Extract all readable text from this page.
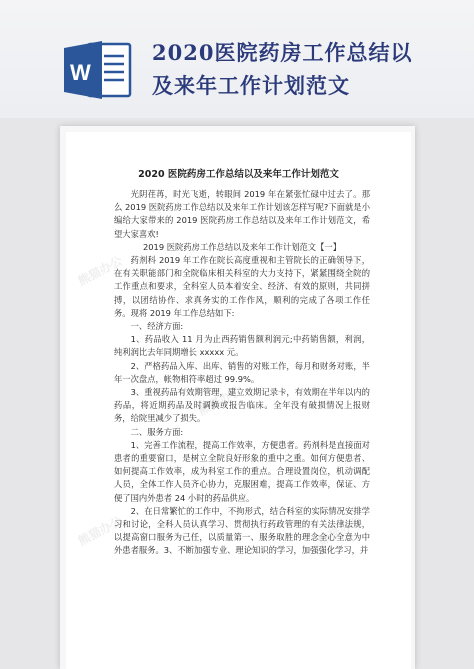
W
2020医院药房工作总结以
及来年工作计划范文
熊猫办公	熊猫办公
熊猫办公
熊猫办公	熊猫办公
2020 医院药房工作总结以及来年工作计划范文

光阴荏苒，时光飞逝，转眼间 2019 年在紧张忙碌中过去了。那么 2019 医院药房工作总结以及来年工作计划该怎样写呢?下面就是小编给大家带来的 2019 医院药房工作总结以及来年工作计划范文，希望大家喜欢!

2019 医院药房工作总结以及来年工作计划范文【一】

药剂科 2019 年工作在院长高度重视和主管院长的正确领导下，在有关职能部门和全院临床相关科室的大力支持下，紧紧围绕全院的工作重点和要求，全科室人员本着安全、经济、有效的原则，共同拼搏，以团结协作、求真务实的工作作风，顺利的完成了各项工作任务。现将 2019 年工作总结如下:

一、经济方面:

1、药品收入 11 月为止西药销售额利润元;中药销售额，利润，纯利润比去年同期增长 xxxxx 元。

2、严格药品入库、出库、销售的对账工作，每月和财务对账，半年一次盘点，帐物相符率超过 99.9%。

3、重视药品有效期管理，建立效期记录卡，有效期在半年以内的药品，将近期药品及时调换或报告临床。全年没有破损情况上报财务，给院里减少了损失。

二、服务方面:

1、完善工作流程，提高工作效率，方便患者。药剂科是直接面对患者的重要窗口，是树立全院良好形象的重中之重。如何方便患者、如何提高工作效率，成为科室工作的重点。合理设置岗位，机动调配人员，全体工作人员齐心协力，克服困难，提高工作效率，保证、方便了国内外患者 24 小时的药品供应。

2、在日常繁忙的工作中，不拘形式，结合科室的实际情况安排学习和讨论，全科人员认真学习、贯彻执行药政管理的有关法律法规，以提高窗口服务为己任，以质量第一、服务取胜的理念全心全意为中外患者服务。3、不断加强专业、理论知识的学习，加强强化学习，并
